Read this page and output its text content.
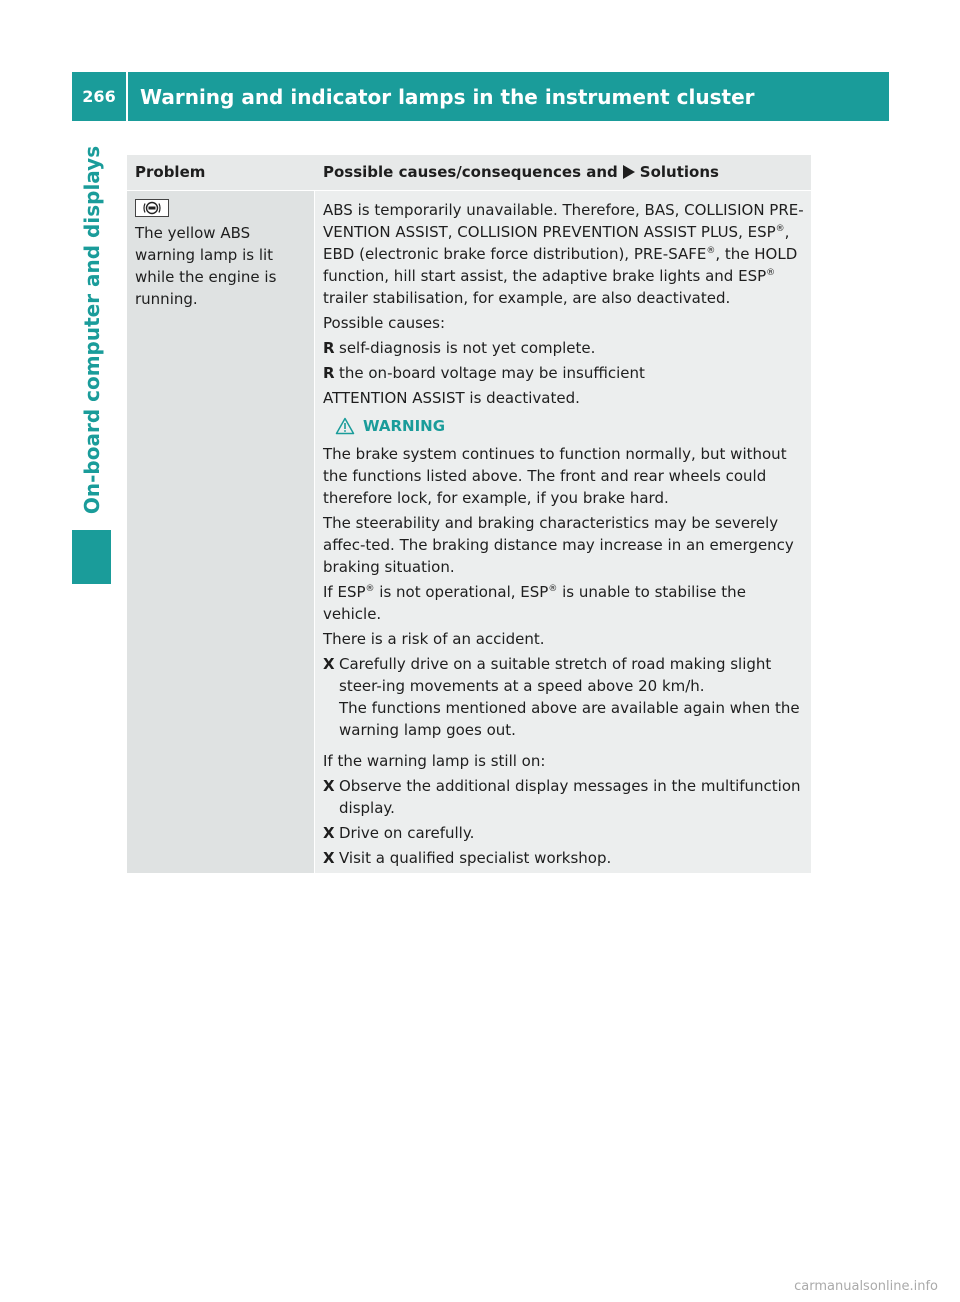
266	Warning and indicator lamps in the instrument cluster
On-board computer and displays Problem	Possible causes/consequences and Solutions
The yellow ABS warning lamp is lit while the engine is running.

ABS is temporarily unavailable. Therefore, BAS, COLLISION PRE-VENTION ASSIST, COLLISION PREVENTION ASSIST PLUS, ESP®, EBD (electronic brake force distribution), PRE-SAFE®, the HOLD function, hill start assist, the adaptive brake lights and ESP® trailer stabilisation, for example, are also deactivated.

Possible causes:

R self-diagnosis is not yet complete.
R the on-board voltage may be insufficient

ATTENTION ASSIST is deactivated.

WARNING

The brake system continues to function normally, but without the functions listed above. The front and rear wheels could therefore lock, for example, if you brake hard.

The steerability and braking characteristics may be severely affec-ted. The braking distance may increase in an emergency braking situation.

If ESP® is not operational, ESP® is unable to stabilise the vehicle.

There is a risk of an accident.

X Carefully drive on a suitable stretch of road making slight steer-ing movements at a speed above 20 km/h.
The functions mentioned above are available again when the warning lamp goes out.

If the warning lamp is still on:

X Observe the additional display messages in the multifunction display.
X Drive on carefully.
X Visit a qualified specialist workshop.
carmanualsonline.info
